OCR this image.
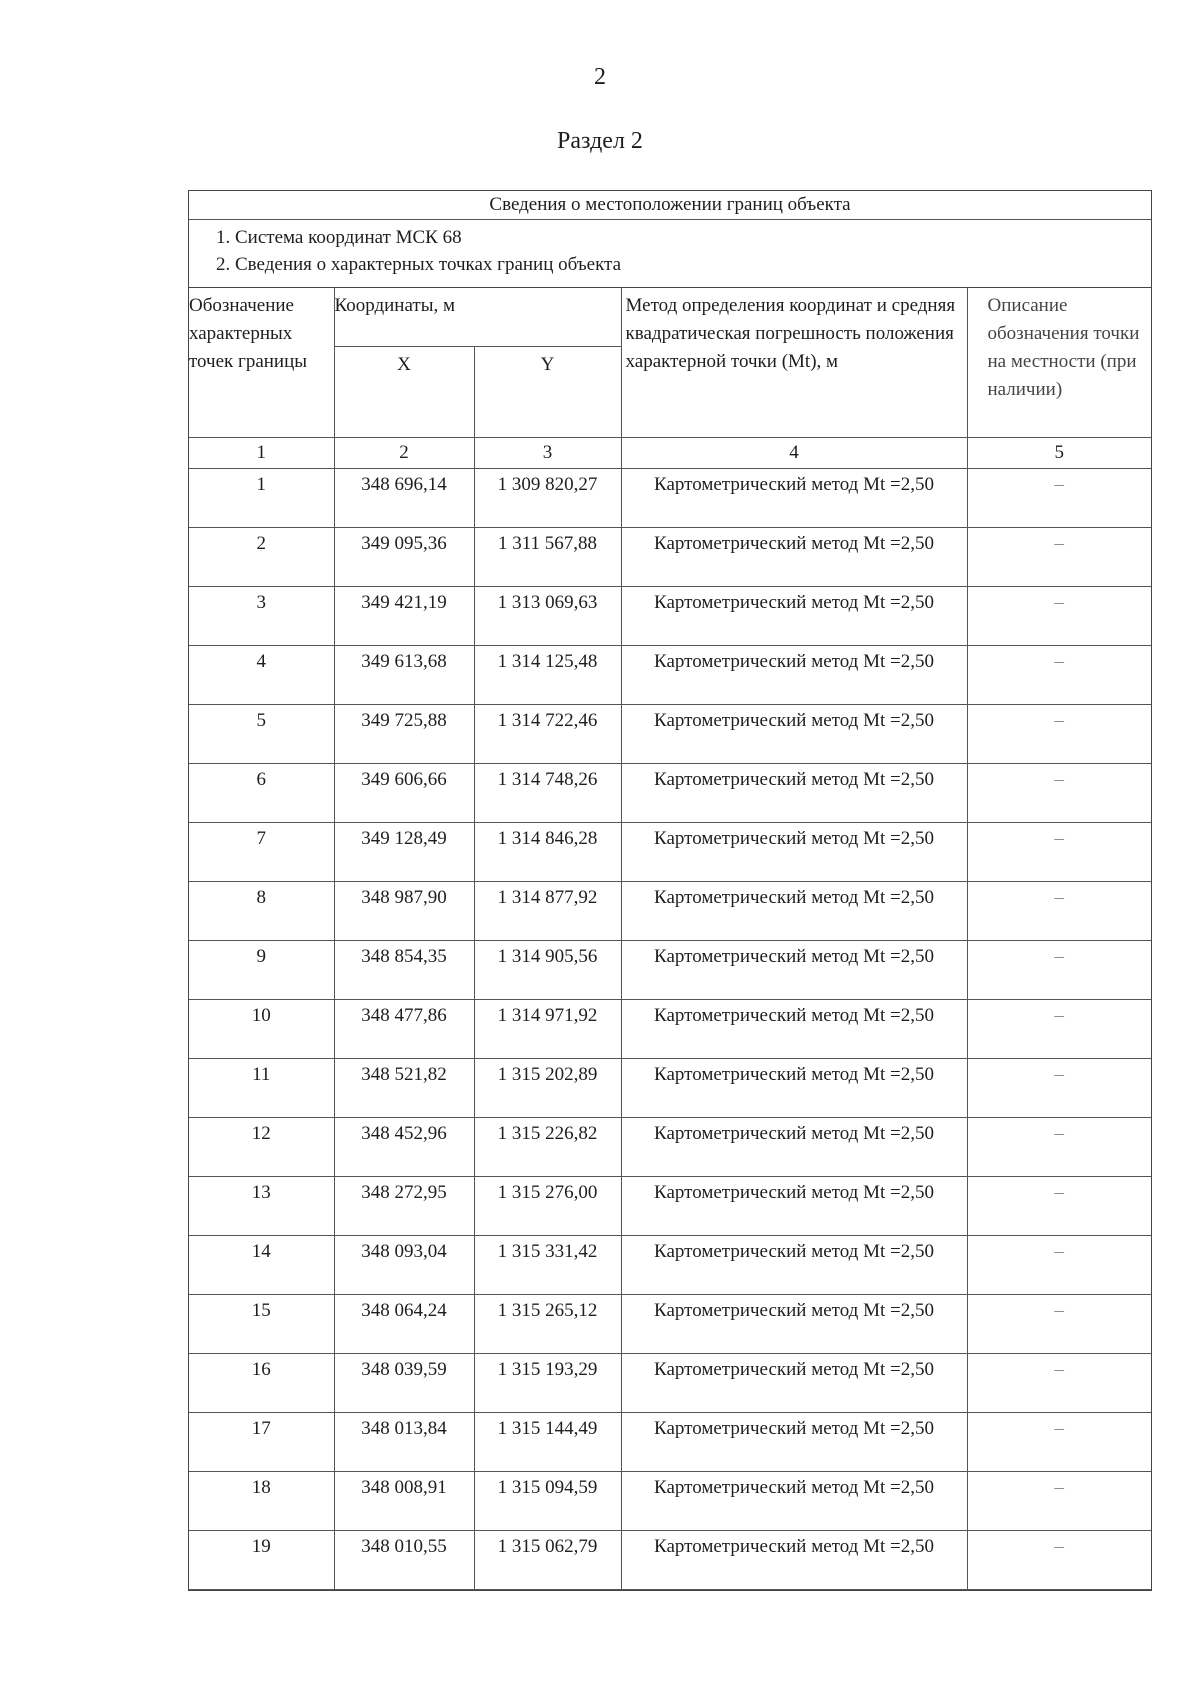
2
Раздел 2
Сведения о местоположении границ объекта
1. Система координат МСК 68
2. Сведения о характерных точках границ объекта
Обозначение характерных точек границы	Координаты, м		Метод определения координат и средняя квадратическая погрешность положения характерной точки (Mt), м	Описание обозначения точки на местности (при наличии)

	X	Y		

1	2	3	4	5

1	348 696,14	1 309 820,27	Картометрический метод Mt =2,50	–

2	349 095,36	1 311 567,88	Картометрический метод Mt =2,50	–

3	349 421,19	1 313 069,63	Картометрический метод Mt =2,50	–

4	349 613,68	1 314 125,48	Картометрический метод Mt =2,50	–

5	349 725,88	1 314 722,46	Картометрический метод Mt =2,50	–

6	349 606,66	1 314 748,26	Картометрический метод Mt =2,50	–

7	349 128,49	1 314 846,28	Картометрический метод Mt =2,50	–

8	348 987,90	1 314 877,92	Картометрический метод Mt =2,50	–

9	348 854,35	1 314 905,56	Картометрический метод Mt =2,50	–

10	348 477,86	1 314 971,92	Картометрический метод Mt =2,50	–

11	348 521,82	1 315 202,89	Картометрический метод Mt =2,50	–

12	348 452,96	1 315 226,82	Картометрический метод Mt =2,50	–

13	348 272,95	1 315 276,00	Картометрический метод Mt =2,50	–

14	348 093,04	1 315 331,42	Картометрический метод Mt =2,50	–

15	348 064,24	1 315 265,12	Картометрический метод Mt =2,50	–

16	348 039,59	1 315 193,29	Картометрический метод Mt =2,50	–

17	348 013,84	1 315 144,49	Картометрический метод Mt =2,50	–

18	348 008,91	1 315 094,59	Картометрический метод Mt =2,50	–

19	348 010,55	1 315 062,79	Картометрический метод Mt =2,50	–
